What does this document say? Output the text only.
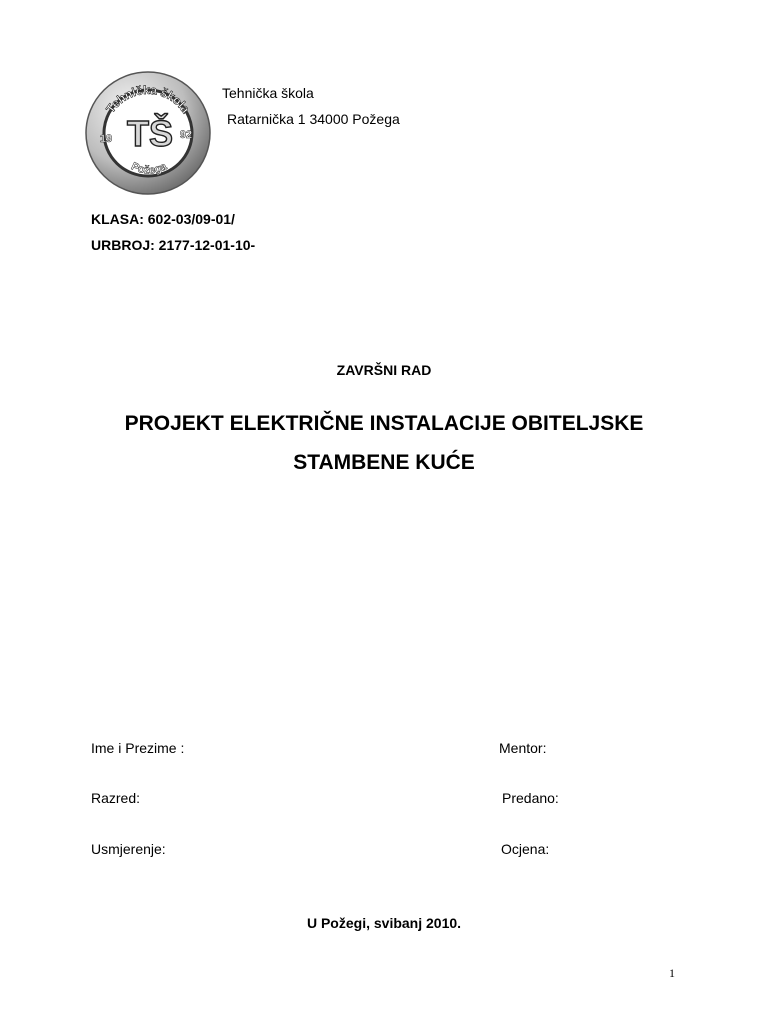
Tehnička škola
TŠ
19	92
Požega
Tehnička škola
Ratarnička 1 34000 Požega
KLASA: 602-03/09-01/
URBROJ: 2177-12-01-10-
ZAVRŠNI RAD
PROJEKT ELEKTRIČNE INSTALACIJE OBITELJSKE
STAMBENE KUĆE
Ime i Prezime :
Razred:
Usmjerenje:
Mentor:
Predano:
Ocjena:
U Požegi, svibanj 2010.
1
